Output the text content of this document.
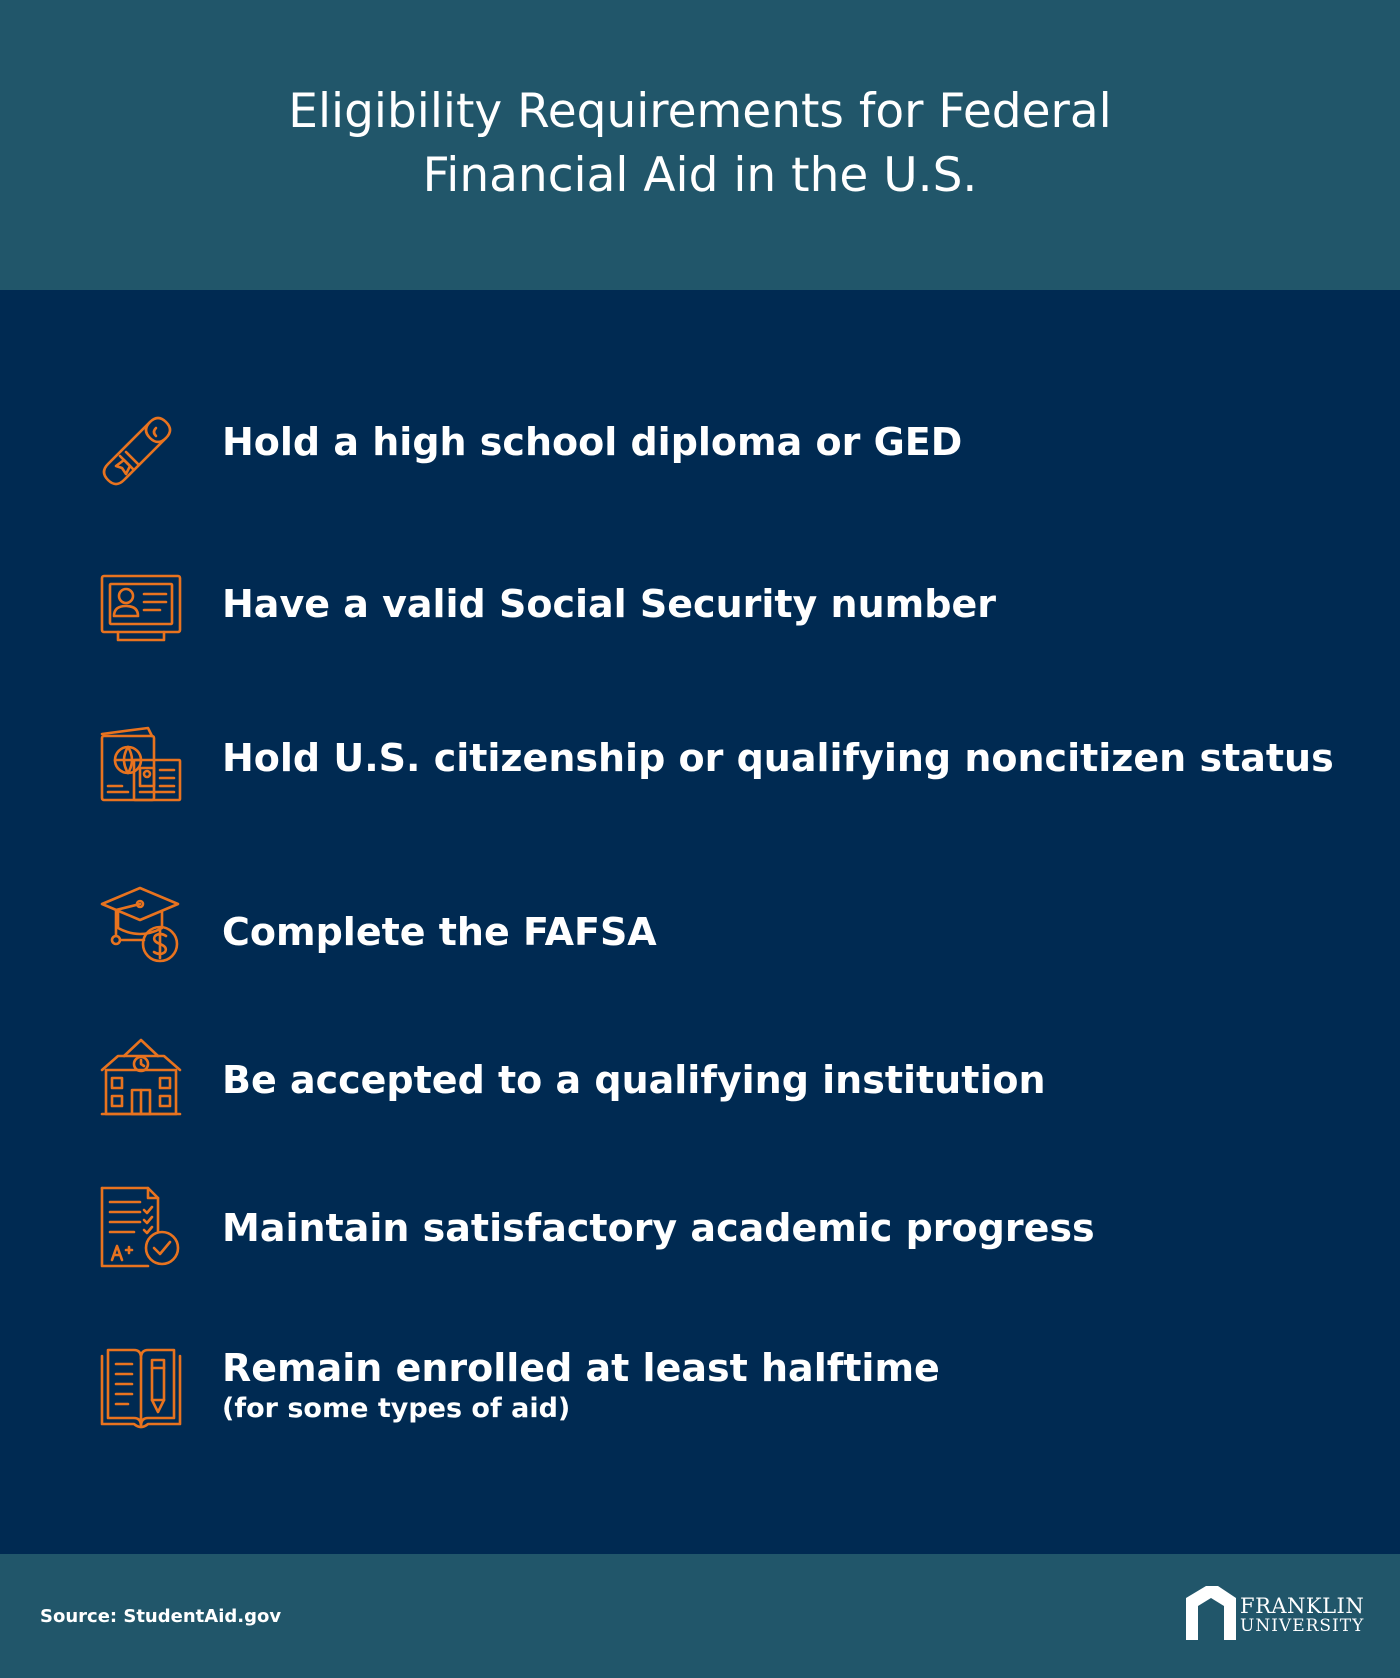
Eligibility Requirements for Federal
Financial Aid in the U.S.
Hold a high school diploma or GED
Have a valid Social Security number
Hold U.S. citizenship or qualifying noncitizen status
Complete the FAFSA
Be accepted to a qualifying institution
Maintain satisfactory academic progress
Remain enrolled at least halftime
(for some types of aid)
Source: StudentAid.gov	FRANKLIN
UNIVERSITY
